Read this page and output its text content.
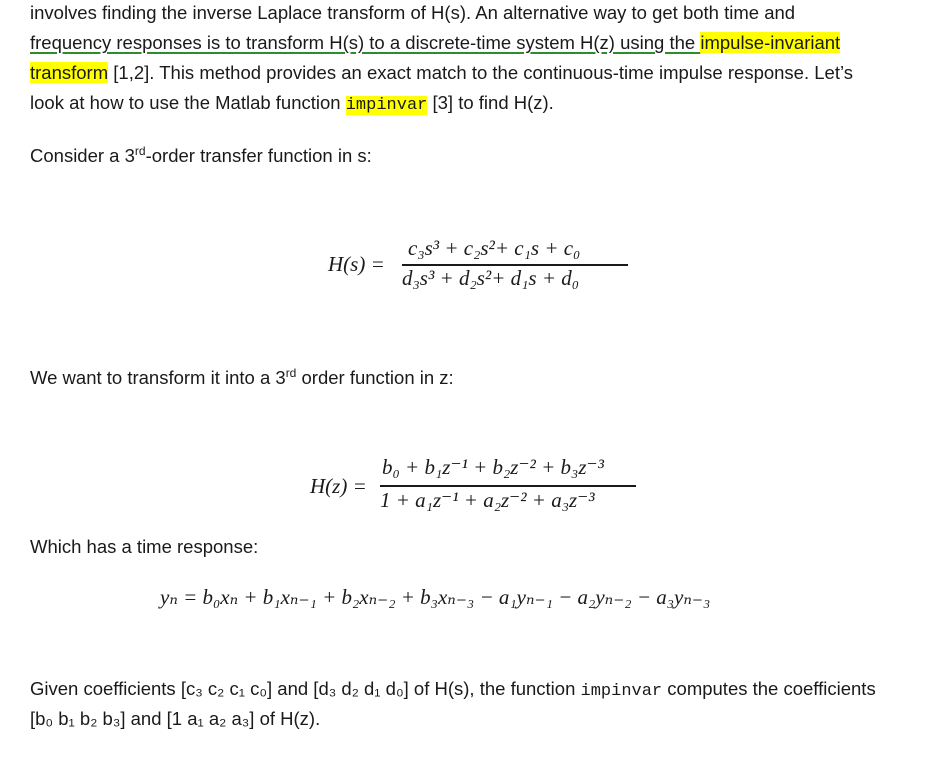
involves finding the inverse Laplace transform of H(s). An alternative way to get both time and
frequency responses is to transform H(s) to a discrete-time system H(z) using the impulse-invariant
transform [1,2]. This method provides an exact match to the continuous-time impulse response. Let’s
look at how to use the Matlab function impinvar [3] to find H(z).
Consider a 3rd-order transfer function in s:
H(s) =
c₃s³ + c₂s²+ c₁s + c₀
d₃s³ + d₂s²+ d₁s + d₀
We want to transform it into a 3rd order function in z:
H(z) =
b₀ + b₁z⁻¹ + b₂z⁻² + b₃z⁻³
1 + a₁z⁻¹ + a₂z⁻² + a₃z⁻³
Which has a time response:
yₙ = b₀xₙ + b₁xₙ₋₁ + b₂xₙ₋₂ + b₃xₙ₋₃ − a₁yₙ₋₁ − a₂yₙ₋₂ − a₃yₙ₋₃
Given coefficients [c₃ c₂ c₁ c₀] and [d₃ d₂ d₁ d₀] of H(s), the function impinvar computes the coefficients
[b₀ b₁ b₂ b₃] and [1 a₁ a₂ a₃] of H(z).
